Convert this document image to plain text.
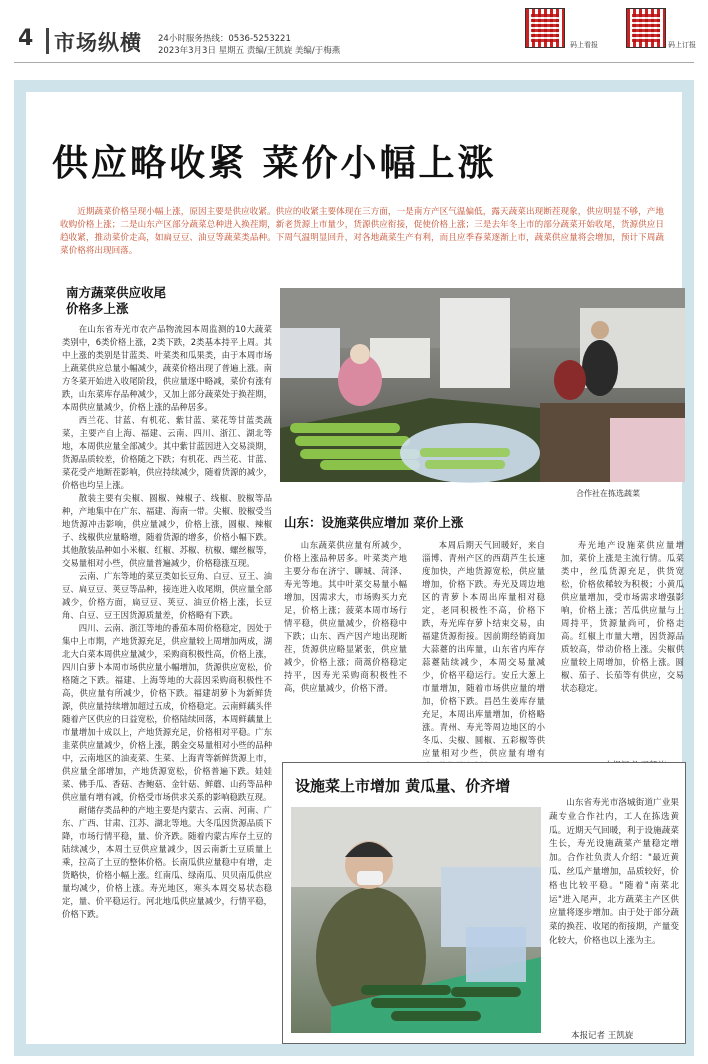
4 市场纵横 24小时服务热线：0536-5253221
2023年3月3日 星期五 责编/王凯旋 美编/于梅燕
码上看报	码上订报
供应略收紧 菜价小幅上涨
近期蔬菜价格呈现小幅上涨，原因主要是供应收紧。供应的收紧主要体现在三方面，一是南方产区气温偏低，露天蔬菜出现断茬现象，供应明显不够，产地收购价格上涨；二是山东产区部分蔬菜总种进入换茬期，新老货源上市量少，货源供应衔接，促使价格上涨；三是去年冬上市的部分蔬菜开始收尾，货源供应日趋收紧，推动菜价走高，如扁豆豆、油豆等蔬菜类品种。下周气温明显回升，对各地蔬菜生产有利，而且应季春菜逐渐上市，蔬菜供应量将会增加，预计下周蔬菜价格将出现回落。
南方蔬菜供应收尾
价格多上涨

在山东省寿光市农产品物流园本周监测的10大蔬菜类别中，6类价格上涨，2类下跌，2类基本持平上周。其中上涨的类别是甘蓝类、叶菜类和瓜果类，由于本周市场上蔬菜供应总量小幅减少，蔬菜价格出现了普遍上涨。南方冬菜开始进入收尾阶段，供应量逐中略减，菜价有涨有跌，山东菜库存品种减少，又加上部分蔬菜处于换茬期，本周供应量减少，价格上涨的品种居多。

西兰花、甘蓝、有机花、紫甘蓝、菜花等甘蓝类蔬菜，主要产自上海、福建、云南、四川、浙江、湖北等地，本周供应量全部减少。其中紫甘蓝因进入交易淡期，货源品质较差，价格随之下跌；有机花、西兰花、甘蓝、菜花受产地断茬影响，供应持续减少，随着货源的减少，价格也均呈上涨。

散装主要有尖椒、圆椒、辣椒子、线椒、胶椒等品种，产地集中在广东、福建、海南一带。尖椒、胶椒受当地货源冲击影响，供应量减少，价格上涨，圆椒、辣椒子、线椒供应量略增，随着货源的增多，价格小幅下跌。其他散装品种如小米椒、红椒、苏椒、杭椒、螺丝椒等，交易量相对小些，供应量普遍减少，价格稳涨互现。

云南、广东等地的菜豆类如长豆角、白豆、豆王、油豆、扁豆豆、荚豆等品种，接连进入收尾期，供应量全部减少，价格方面，扁豆豆、荚豆、油豆价格上涨，长豆角、白豆、豆王因货源质量差，价格略有下跌。

四川、云南、浙江等地的番茄本周价格稳定，因处于集中上市期，产地货源充足，供应量较上周增加两成，湖北大白菜本周供应量减少，采购商积极性高，价格上涨，四川白萝卜本周市场供应量小幅增加，货源供应宽松，价格随之下跌。福建、上海等地的大蒜因采购商积极性不高，供应量有所减少，价格下跌。福建胡萝卜为新鲜货源，供应量持续增加超过五成，价格稳定。云南鲜藕头伴随着产区供应的日益宽松，价格陆续回落，本周鲜藕量上市量增加十成以上，产地货源充足，价格相对平稳。广东韭菜供应量减少，价格上涨，鹅金交易量相对小些的品种中，云南地区的油麦菜、生菜、上海青等新鲜货源上市，供应量全部增加，产地货源宽松，价格普遍下跌。娃娃菜、佛手瓜、香菇、杏鲍菇、金针菇、鲜蘑、山药等品种供应量有增有减，价格受市场供求关系的影响稳跌互现。

耐储存类品种的产地主要是内蒙古、云南、河南、广东、广西、甘肃、江苏、湖北等地。大冬瓜因货源品质下降，市场行情平稳，量、价齐跌。随着内蒙古库存土豆的陆续减少，本周土豆供应量减少，因云南新土豆质量上乘，拉高了土豆的整体价格。长南瓜供应量稳中有增，走货略快，价格小幅上涨。红南瓜、绿南瓜、贝贝南瓜供应量均减少，价格上涨。寿光地区，寒头本周交易状态稳定，量、价平稳运行。河北地瓜供应量减少，行情平稳，价格下跌。

合作社在拣选蔬菜
山东：设施菜供应增加 菜价上涨

山东蔬菜供应量有所减少，价格上涨品种居多。叶菜类产地主要分布在济宁、聊城、菏泽、寿光等地。其中叶菜交易量小幅增加，因需求大，市场购买力充足，价格上涨；菠菜本周市场行情平稳，供应量减少，价格稳中下跌；山东、西产因产地出现断茬，货源供应略显紧张，供应量减少，价格上涨；茼蒿价格稳定持平，因寿光采购商积极性不高，供应量减少，价格下滑。

本周后期天气回暖好，来自淄博、青州产区的西葫芦生长速度加快，产地货源宽松，供应量增加，价格下跌。寿光及周边地区的青萝卜本周出库量相对稳定，老同积极性不高，价格下跌，寿光库存萝卜结束交易，由福建货源衔接。因前期经销商加大蒜薹的出库量，山东省内库存蒜薹陆续减少，本周交易量减少，价格平稳运行。安丘大葱上市量增加，随着市场供应量的增加，价格下跌。昌邑生姜库存量充足，本周出库量增加，价格略涨。青州、寿光等周边地区的小冬瓜、尖椒、圆椒、五彩椒等供应量相对少些，供应量有增有

寿光地产设施菜供应量增加，菜价上涨是主流行情。瓜菜类中，丝瓜货源充足，供货宽松，价格依稀较为积极；小黄瓜供应量增加，受市场需求增强影响，价格上涨；苦瓜供应量与上周持平，货源量尚可，价格走高。红椒上市量大增，因货源品质较高，带动价格上涨。尖椒供应量较上周增加，价格上涨。圆椒、茄子、长茄等有供应，交易状态稳定。

设施菜上市增加 黄瓜量、价齐增

山东省寿光市洛城街道广业果蔬专业合作社内，工人在拣选黄瓜。近期天气回暖，利于设施蔬菜生长，寿光设施蔬菜产量稳定增加。合作社负责人介绍："最近黄瓜、丝瓜产量增加，品质较好，价格也比较平稳。"随着"南菜北运"进入尾声，北方蔬菜主产区供应量将逐步增加。由于处于部分蔬菜的换茬、收尾的衔接期，产量变化较大，价格也以上涨为主。

本报记者 王凯旋
